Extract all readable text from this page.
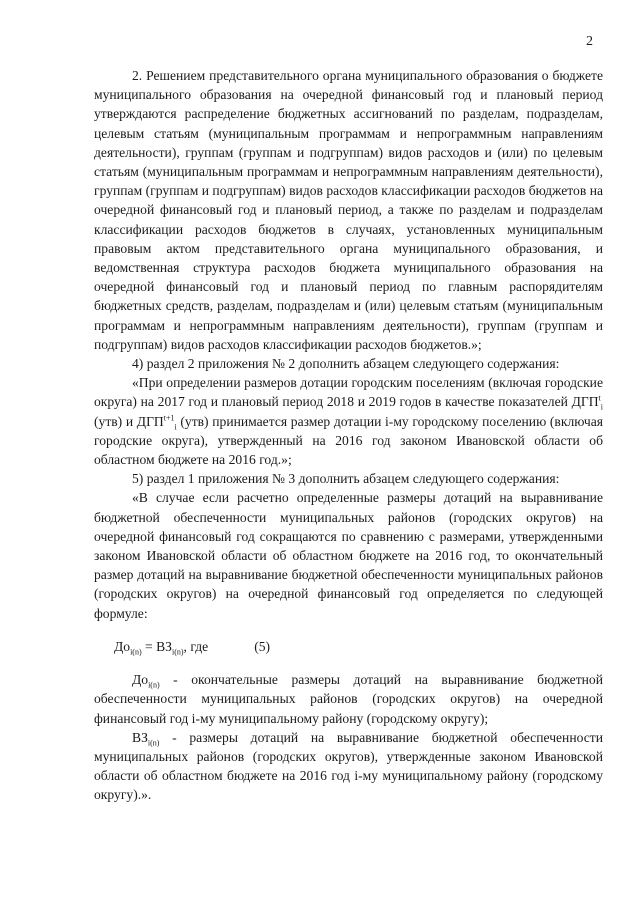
2

2. Решением представительного органа муниципального образования о бюджете муниципального образования на очередной финансовый год и плановый период утверждаются распределение бюджетных ассигнований по разделам, подразделам, целевым статьям (муниципальным программам и непрограммным направлениям деятельности), группам (группам и подгруппам) видов расходов и (или) по целевым статьям (муниципальным программам и непрограммным направлениям деятельности), группам (группам и подгруппам) видов расходов классификации расходов бюджетов на очередной финансовый год и плановый период, а также по разделам и подразделам классификации расходов бюджетов в случаях, установленных муниципальным правовым актом представительного органа муниципального образования, и ведомственная структура расходов бюджета муниципального образования на очередной финансовый год и плановый период по главным распорядителям бюджетных средств, разделам, подразделам и (или) целевым статьям (муниципальным программам и непрограммным направлениям деятельности), группам (группам и подгруппам) видов расходов классификации расходов бюджетов.»;

4) раздел 2 приложения № 2 дополнить абзацем следующего содержания:

«При определении размеров дотации городским поселениям (включая городские округа) на 2017 год и плановый период 2018 и 2019 годов в качестве показателей $ДГП^t_i$ (утв) и $ДГП^{t+1}_i$ (утв) принимается размер дотации i-му городскому поселению (включая городские округа), утвержденный на 2016 год законом Ивановской области об областном бюджете на 2016 год.»;

5) раздел 1 приложения № 3 дополнить абзацем следующего содержания:

«В случае если расчетно определенные размеры дотаций на выравнивание бюджетной обеспеченности муниципальных районов (городских округов) на очередной финансовый год сокращаются по сравнению с размерами, утвержденными законом Ивановской области об областном бюджете на 2016 год, то окончательный размер дотаций на выравнивание бюджетной обеспеченности муниципальных районов (городских округов) на очередной финансовый год определяется по следующей формуле:

$До_{i(n)} = ВЗ_{i(n)}$, где	(5)

$До_{i(n)}$ - окончательные размеры дотаций на выравнивание бюджетной обеспеченности муниципальных районов (городских округов) на очередной финансовый год i-му муниципальному району (городскому округу);

$ВЗ_{i(n)}$ - размеры дотаций на выравнивание бюджетной обеспеченности муниципальных районов (городских округов), утвержденные законом Ивановской области об областном бюджете на 2016 год i-му муниципальному району (городскому округу).».
